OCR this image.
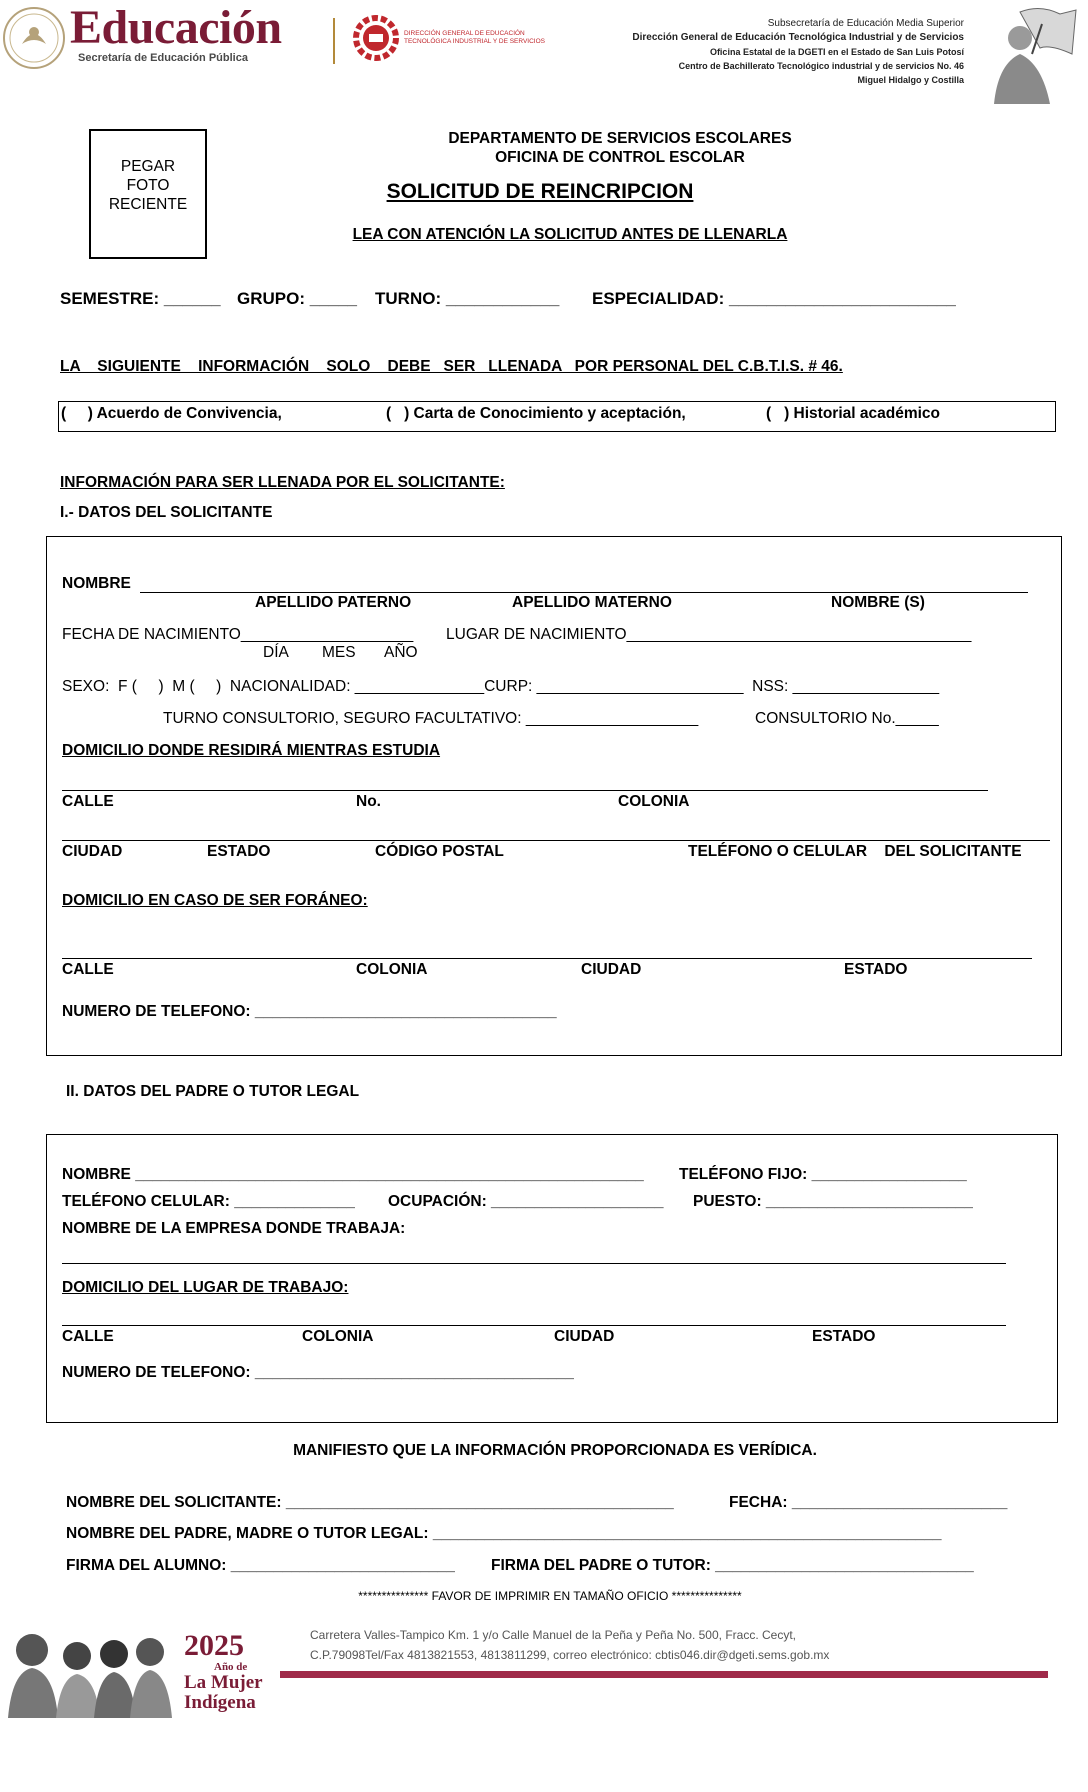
Educación
Secretaría de Educación Pública
DIRECCIÓN GENERAL DE EDUCACIÓN
TECNOLÓGICA INDUSTRIAL Y DE SERVICIOS
Subsecretaría de Educación Media Superior
Dirección General de Educación Tecnológica Industrial y de Servicios
Oficina Estatal de la DGETI en el Estado de San Luis Potosí
Centro de Bachillerato Tecnológico industrial y de servicios No. 46
Miguel Hidalgo y Costilla
PEGAR
FOTO
RECIENTE
DEPARTAMENTO DE SERVICIOS ESCOLARES
OFICINA DE CONTROL ESCOLAR
SOLICITUD DE REINCRIPCION
LEA CON ATENCIÓN LA SOLICITUD ANTES DE LLENARLA
SEMESTRE: ______ GRUPO: _____ TURNO: ____________ ESPECIALIDAD: ________________________
LA    SIGUIENTE    INFORMACIÓN    SOLO    DEBE   SER   LLENADA   POR PERSONAL DEL C.B.T.I.S. # 46.
(     ) Acuerdo de Convivencia,	(   ) Carta de Conocimiento y aceptación,	(   ) Historial académico
INFORMACIÓN PARA SER LLENADA POR EL SOLICITANTE:
I.- DATOS DEL SOLICITANTE
NOMBRE
APELLIDO PATERNO	APELLIDO MATERNO	NOMBRE (S)
FECHA DE NACIMIENTO____________________ LUGAR DE NACIMIENTO________________________________________
DÍA MES AÑO
SEXO:  F (     )  M (     )  NACIONALIDAD: _______________CURP: ________________________  NSS: _________________
TURNO CONSULTORIO, SEGURO FACULTATIVO: ____________________	CONSULTORIO No._____
DOMICILIO DONDE RESIDIRÁ MIENTRAS ESTUDIA
CALLE	No.	COLONIA
CIUDAD	ESTADO	CÓDIGO POSTAL	TELÉFONO O CELULAR    DEL SOLICITANTE
DOMICILIO EN CASO DE SER FORÁNEO:
CALLE	COLONIA	CIUDAD	ESTADO
NUMERO DE TELEFONO: ___________________________________
II. DATOS DEL PADRE O TUTOR LEGAL
NOMBRE ___________________________________________________________ TELÉFONO FIJO: __________________
TELÉFONO CELULAR: ______________ OCUPACIÓN: ____________________ PUESTO: ________________________
NOMBRE DE LA EMPRESA DONDE TRABAJA:
DOMICILIO DEL LUGAR DE TRABAJO:
CALLE	COLONIA	CIUDAD	ESTADO
NUMERO DE TELEFONO: _____________________________________
MANIFIESTO QUE LA INFORMACIÓN PROPORCIONADA ES VERÍDICA.
NOMBRE DEL SOLICITANTE: _____________________________________________	FECHA: _________________________
NOMBRE DEL PADRE, MADRE O TUTOR LEGAL: ___________________________________________________________
FIRMA DEL ALUMNO: __________________________ FIRMA DEL PADRE O TUTOR: ______________________________
*************** FAVOR DE IMPRIMIR EN TAMAÑO OFICIO ***************
2025
Año de
La Mujer
Indígena
Carretera Valles-Tampico Km. 1 y/o Calle Manuel de la Peña y Peña No. 500, Fracc. Cecyt,
C.P.79098Tel/Fax 4813821553, 4813811299, correo electrónico: cbtis046.dir@dgeti.sems.gob.mx
